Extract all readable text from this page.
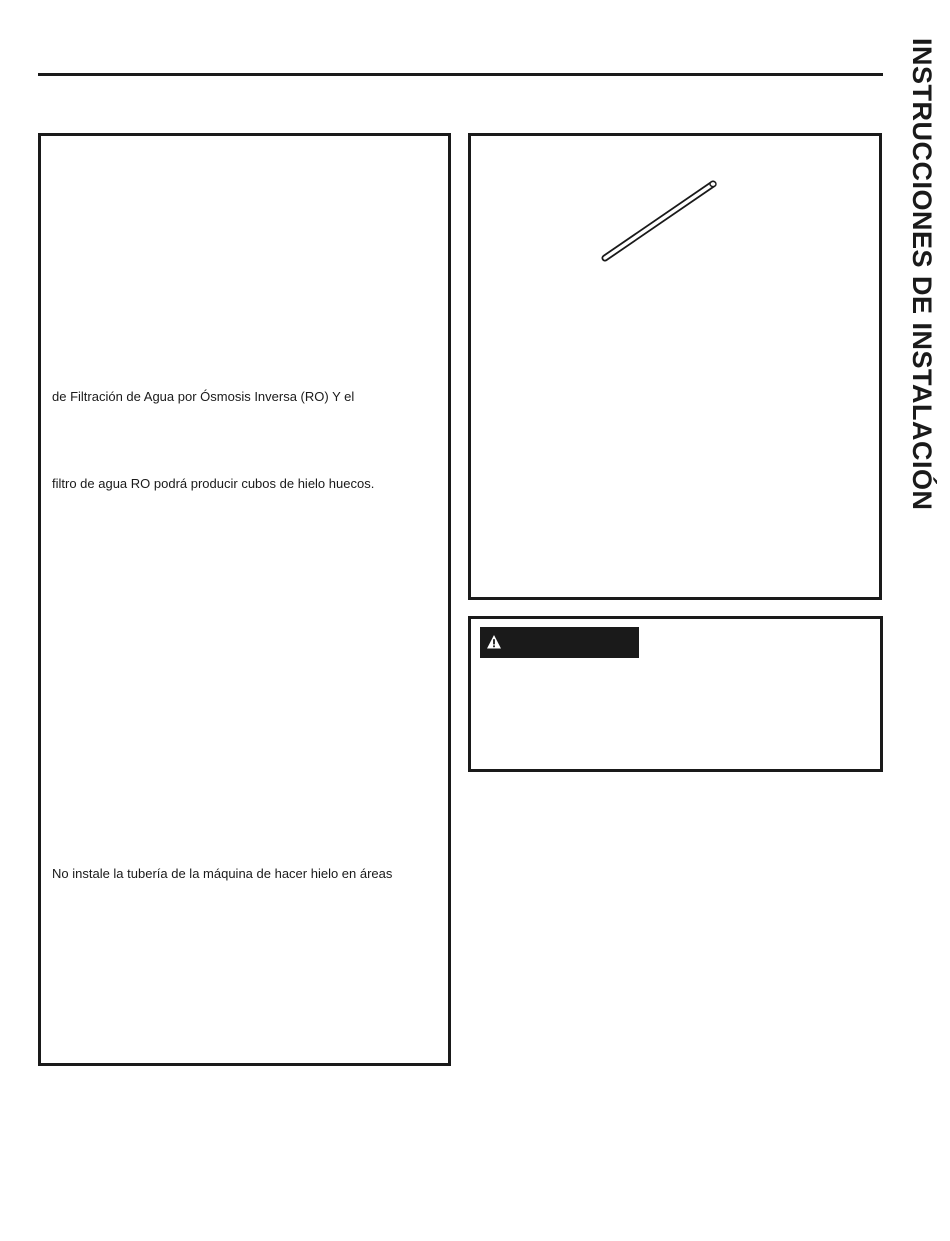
INSTRUCCIONES DE INSTALACIÓN
de Filtración de Agua por Ósmosis Inversa (RO) Y el
filtro de agua RO podrá producir cubos de hielo huecos.
No instale la tubería de la máquina de hacer hielo en áreas
